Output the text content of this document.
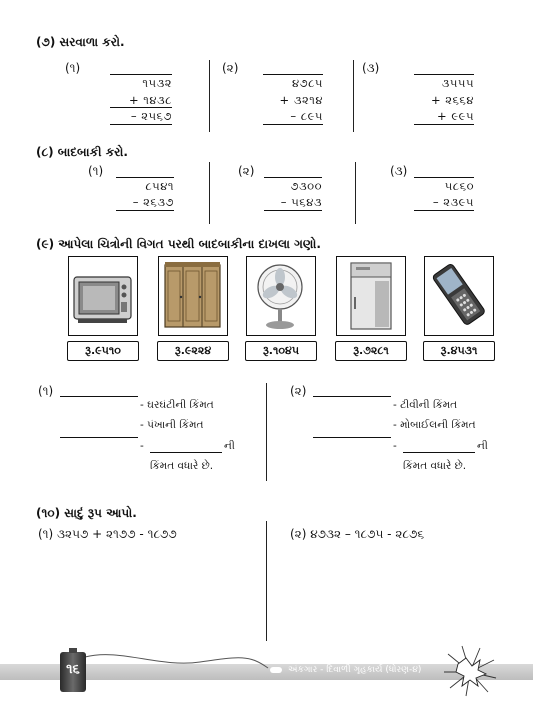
(૭) સરવાળા કરો.
(૧)
૧૫૩૨
+ ૧૪૩૮
– ૨૫૬૭
(૨)
૪૭૮૫
+ ૩૨૧૪
– ૮૯૫
(૩)
૩૫૫૫
+ ૨૬૬૪
+ ૯૯૫
(૮) બાદબાકી કરો.
(૧)
૮૫૪૧
– ૨૬૩૭
(૨)
૭૩૦૦
– ૫૬૪૩
(૩)
૫૮૬૦
– ૨૩૯૫
(૯) આપેલા ચિત્રોની વિગત પરથી બાદબાકીના દાખલા ગણો.
રૂ.૯૫૧૦	રૂ.૯૨૨૪	રૂ.૧૦૪૫	રૂ.૭૨૮૧	રૂ.૪૫૩૧
(૧)
- ઘરઘંટીની કિંમત
- પંખાની કિંમત
-	ની
કિંમત વધારે છે.
(૨)
- ટીવીની કિંમત
- મોબાઈલની કિંમત
-	ની
કિંમત વધારે છે.
(૧૦) સાદું રૂપ આપો.
(૧) ૩૨૫૭ + ૨૧૭૭ - ૧૮૭૭	(૨) ૪૭૩૨ – ૧૮૭૫ - ૨૮૭૬
૧૬	અંકગાર - દિવાળી ગૃહકાર્ય (ધોરણ-૪)
